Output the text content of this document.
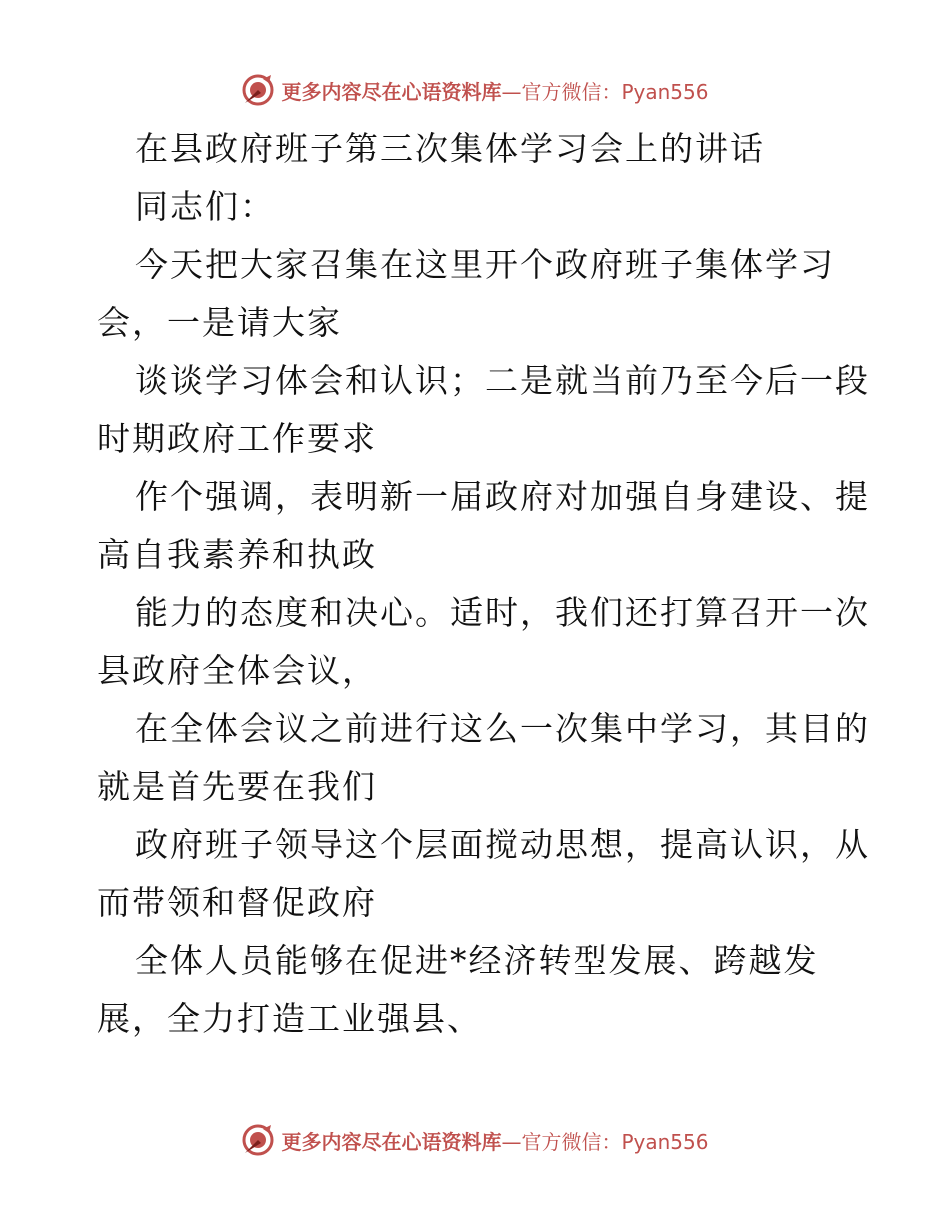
更多内容尽在心语资料库—官方微信：Pyan556
在县政府班子第三次集体学习会上的讲话
同志们：
今天把大家召集在这里开个政府班子集体学习
会，一是请大家
谈谈学习体会和认识；二是就当前乃至今后一段
时期政府工作要求
作个强调，表明新一届政府对加强自身建设、提
高自我素养和执政
能力的态度和决心。适时，我们还打算召开一次
县政府全体会议，
在全体会议之前进行这么一次集中学习，其目的
就是首先要在我们
政府班子领导这个层面搅动思想，提高认识，从
而带领和督促政府
全体人员能够在促进*经济转型发展、跨越发
展，全力打造工业强县、
更多内容尽在心语资料库—官方微信：Pyan556
